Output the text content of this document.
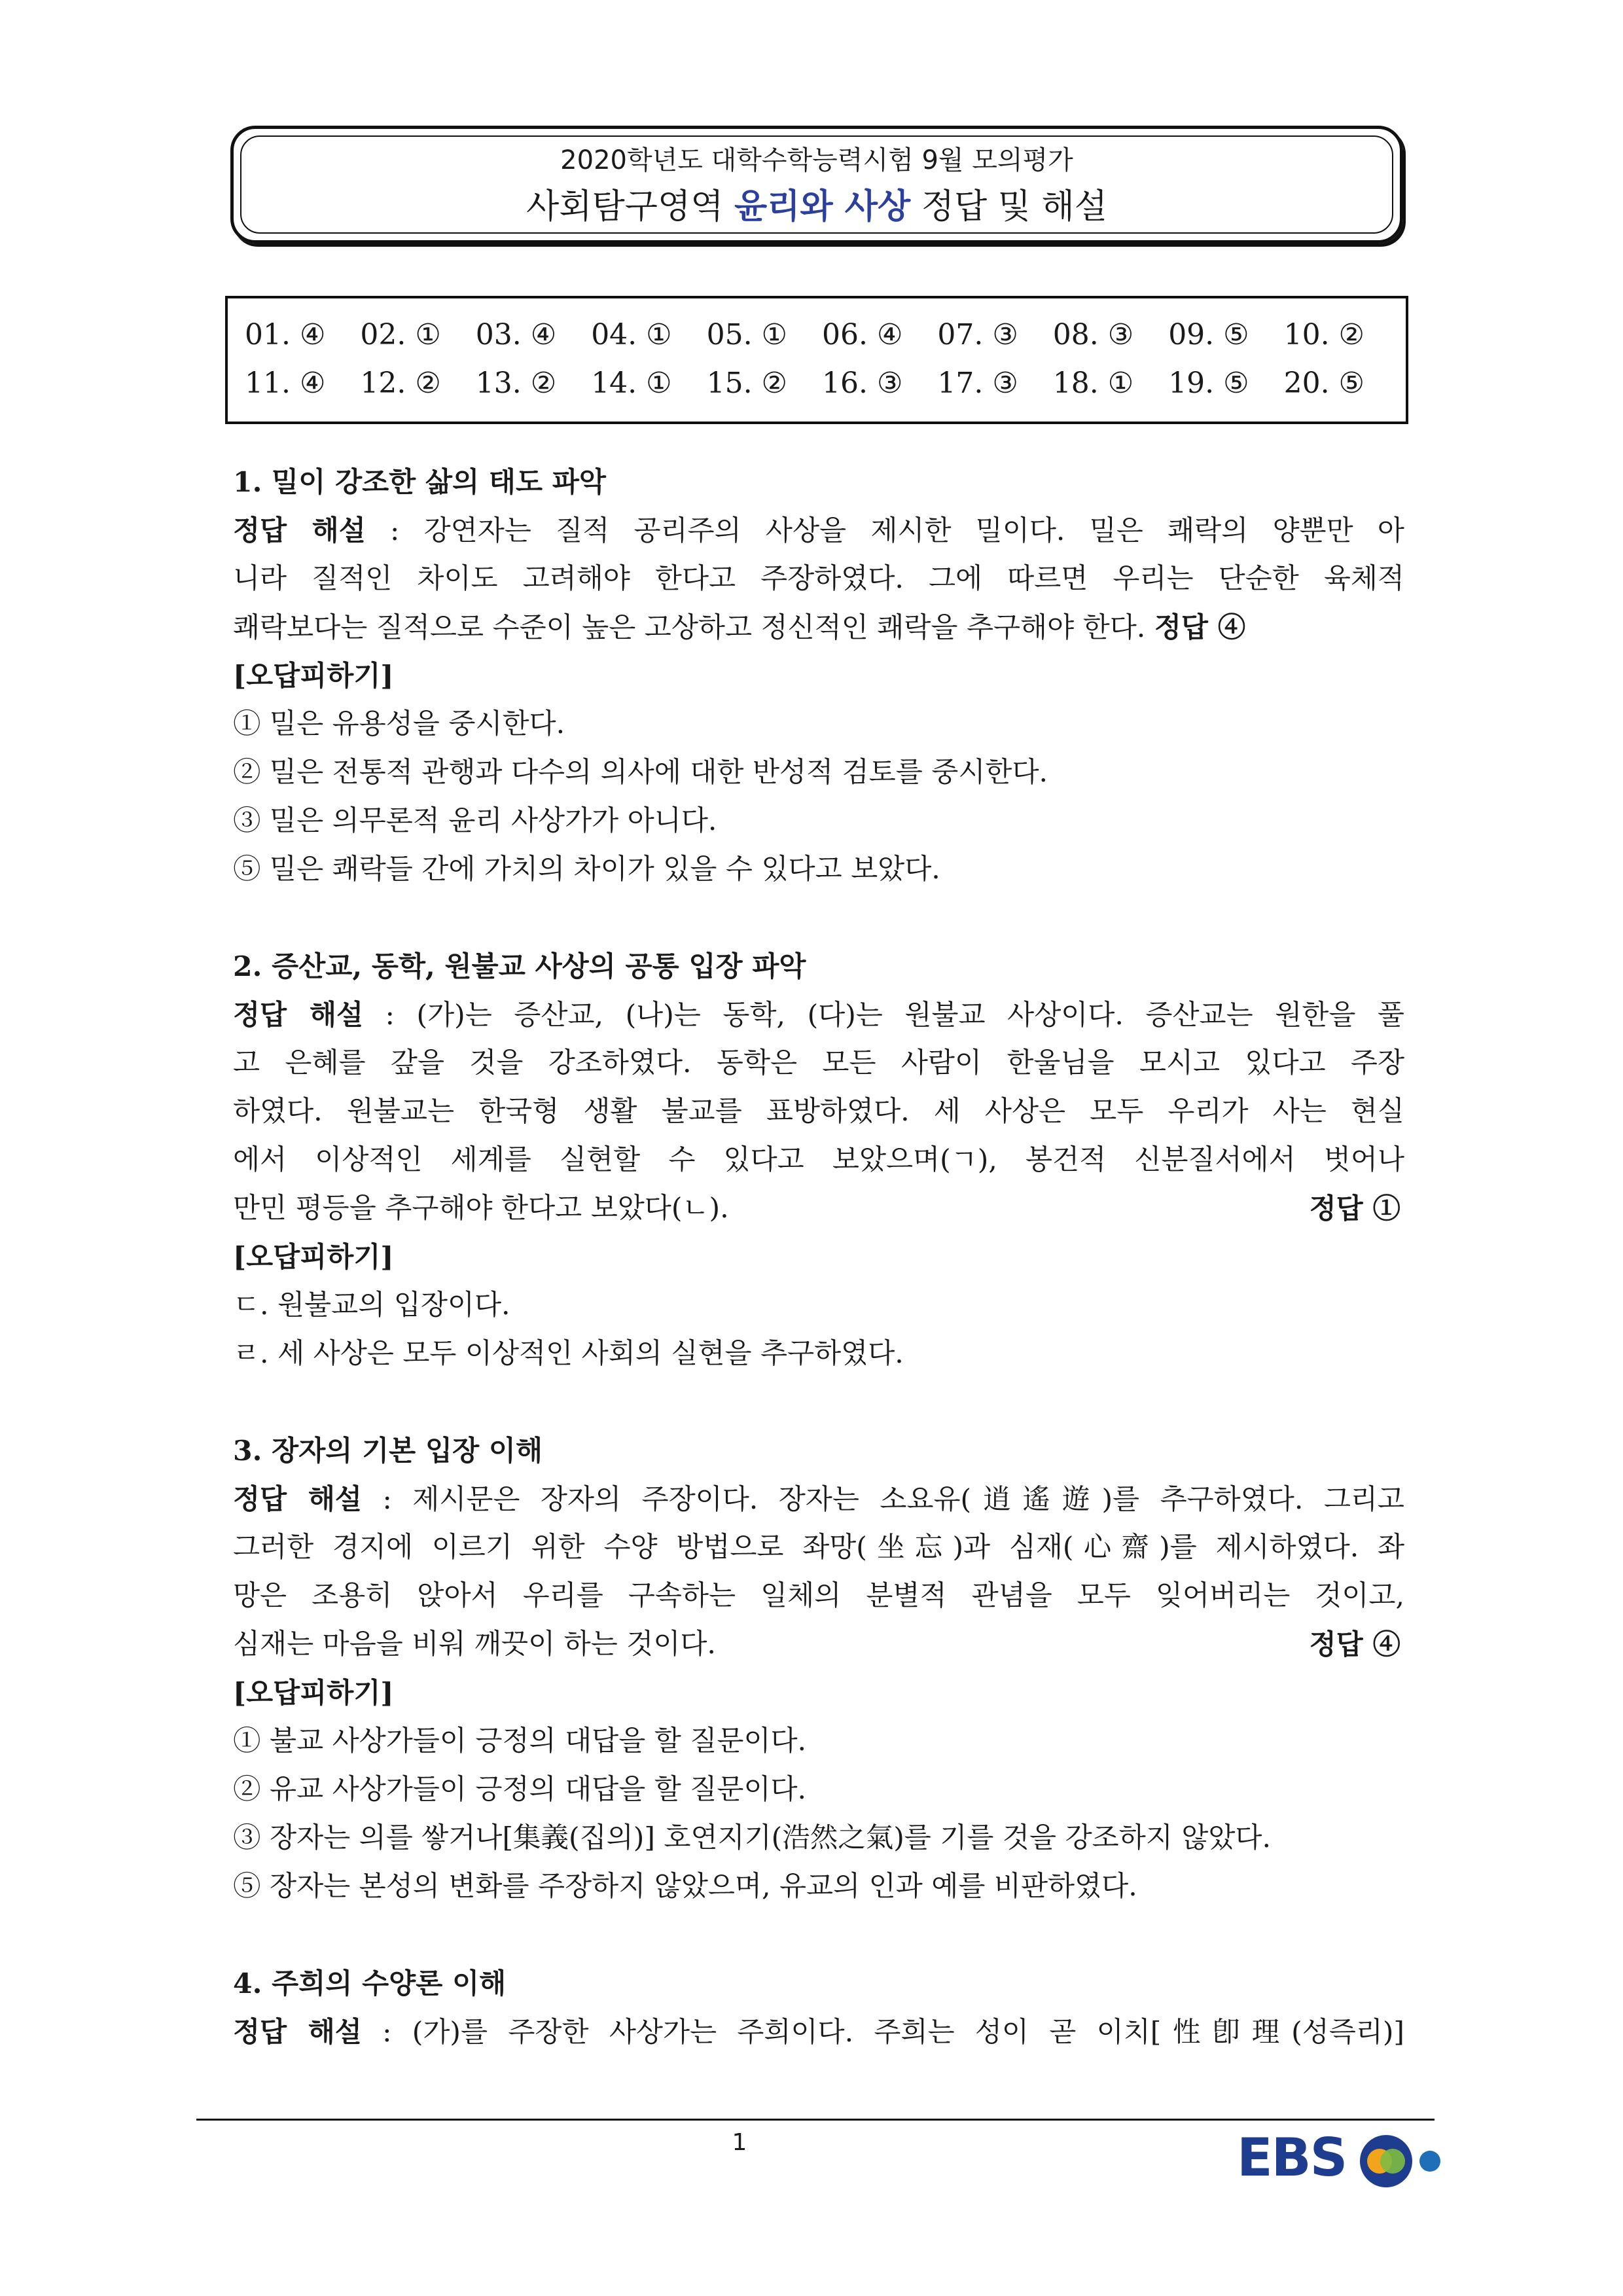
2020학년도 대학수학능력시험 9월 모의평가
사회탐구영역 윤리와 사상 정답 및 해설
01. ④	02. ①	03. ④	04. ①	05. ①	06. ④	07. ③	08. ③	09. ⑤	10. ②
11. ④	12. ②	13. ②	14. ①	15. ②	16. ③	17. ③	18. ①	19. ⑤	20. ⑤
1. 밀이 강조한 삶의 태도 파악
정답 해설 : 강연자는 질적 공리주의 사상을 제시한 밀이다. 밀은 쾌락의 양뿐만 아
니라 질적인 차이도 고려해야 한다고 주장하였다. 그에 따르면 우리는 단순한 육체적
쾌락보다는 질적으로 수준이 높은 고상하고 정신적인 쾌락을 추구해야 한다. 정답 ④
[오답피하기]
① 밀은 유용성을 중시한다.
② 밀은 전통적 관행과 다수의 의사에 대한 반성적 검토를 중시한다.
③ 밀은 의무론적 윤리 사상가가 아니다.
⑤ 밀은 쾌락들 간에 가치의 차이가 있을 수 있다고 보았다.
2. 증산교, 동학, 원불교 사상의 공통 입장 파악
정답 해설 : (가)는 증산교, (나)는 동학, (다)는 원불교 사상이다. 증산교는 원한을 풀
고 은혜를 갚을 것을 강조하였다. 동학은 모든 사람이 한울님을 모시고 있다고 주장
하였다. 원불교는 한국형 생활 불교를 표방하였다. 세 사상은 모두 우리가 사는 현실
에서 이상적인 세계를 실현할 수 있다고 보았으며(ㄱ), 봉건적 신분질서에서 벗어나
만민 평등을 추구해야 한다고 보았다(ㄴ).	정답 ①
[오답피하기]
ㄷ. 원불교의 입장이다.
ㄹ. 세 사상은 모두 이상적인 사회의 실현을 추구하였다.
3. 장자의 기본 입장 이해
정답 해설 : 제시문은 장자의 주장이다. 장자는 소요유(逍遙遊)를 추구하였다. 그리고
그러한 경지에 이르기 위한 수양 방법으로 좌망(坐忘)과 심재(心齋)를 제시하였다. 좌
망은 조용히 앉아서 우리를 구속하는 일체의 분별적 관념을 모두 잊어버리는 것이고,
심재는 마음을 비워 깨끗이 하는 것이다.	정답 ④
[오답피하기]
① 불교 사상가들이 긍정의 대답을 할 질문이다.
② 유교 사상가들이 긍정의 대답을 할 질문이다.
③ 장자는 의를 쌓거나[集義(집의)] 호연지기(浩然之氣)를 기를 것을 강조하지 않았다.
⑤ 장자는 본성의 변화를 주장하지 않았으며, 유교의 인과 예를 비판하였다.
4. 주희의 수양론 이해
정답 해설 : (가)를 주장한 사상가는 주희이다. 주희는 성이 곧 이치[性卽理(성즉리)]
1	EBS
